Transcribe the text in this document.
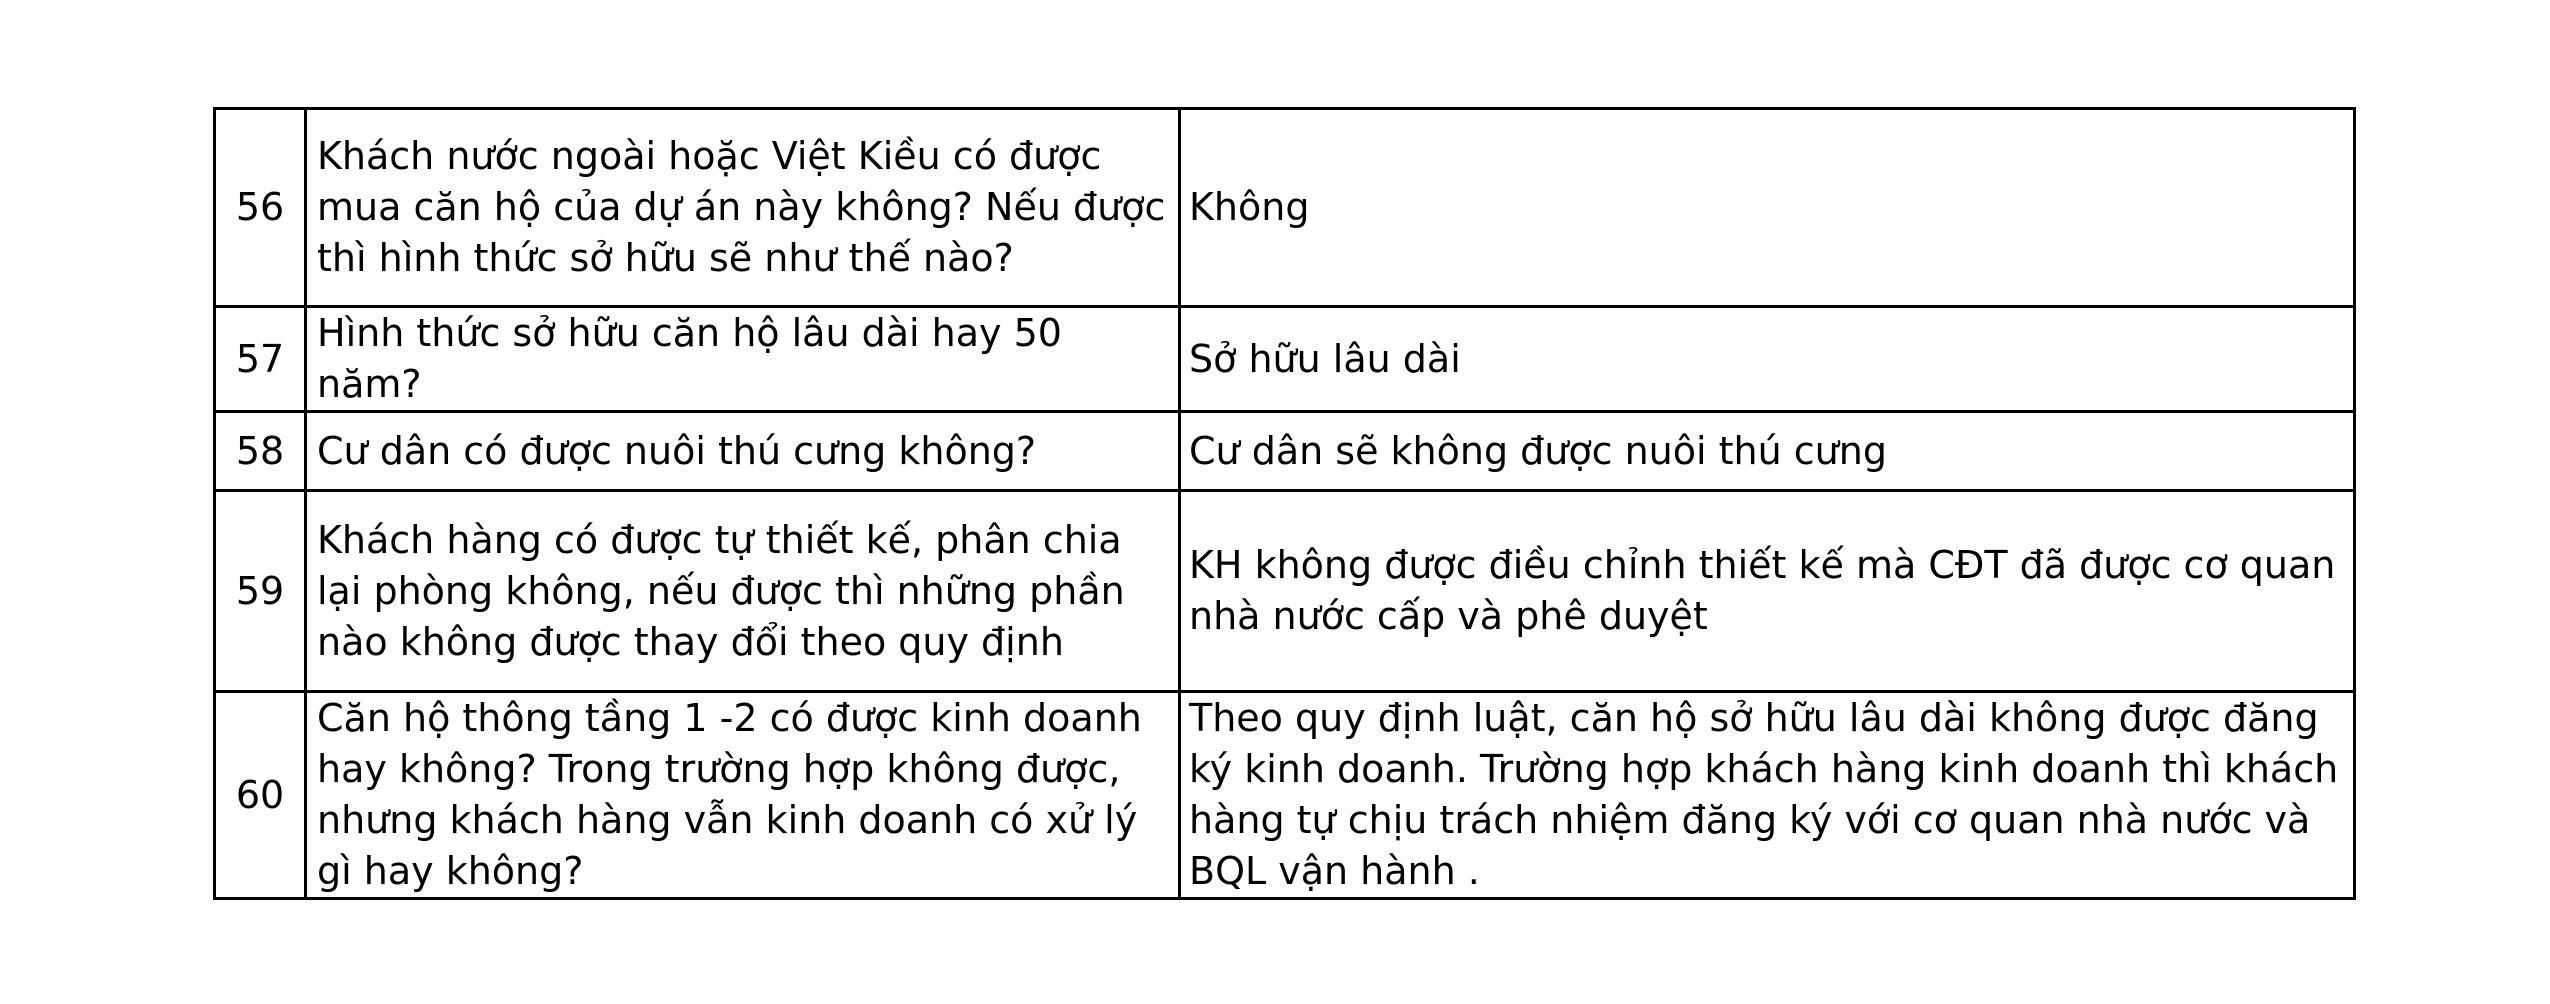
56	Khách nước ngoài hoặc Việt Kiều có được mua căn hộ của dự án này không? Nếu được thì hình thức sở hữu sẽ như thế nào?	Không
57	Hình thức sở hữu căn hộ lâu dài hay 50 năm?	Sở hữu lâu dài
58	Cư dân có được nuôi thú cưng không?	Cư dân sẽ không được nuôi thú cưng
59	Khách hàng có được tự thiết kế, phân chia lại phòng không, nếu được thì những phần nào không được thay đổi theo quy định	KH không được điều chỉnh thiết kế mà CĐT đã được cơ quan nhà nước cấp và phê duyệt
60	Căn hộ thông tầng 1 -2 có được kinh doanh hay không? Trong trường hợp không được, nhưng khách hàng vẫn kinh doanh có xử lý gì hay không?	Theo quy định luật, căn hộ sở hữu lâu dài không được đăng ký kinh doanh. Trường hợp khách hàng kinh doanh thì khách hàng tự chịu trách nhiệm đăng ký với cơ quan nhà nước và BQL vận hành .
